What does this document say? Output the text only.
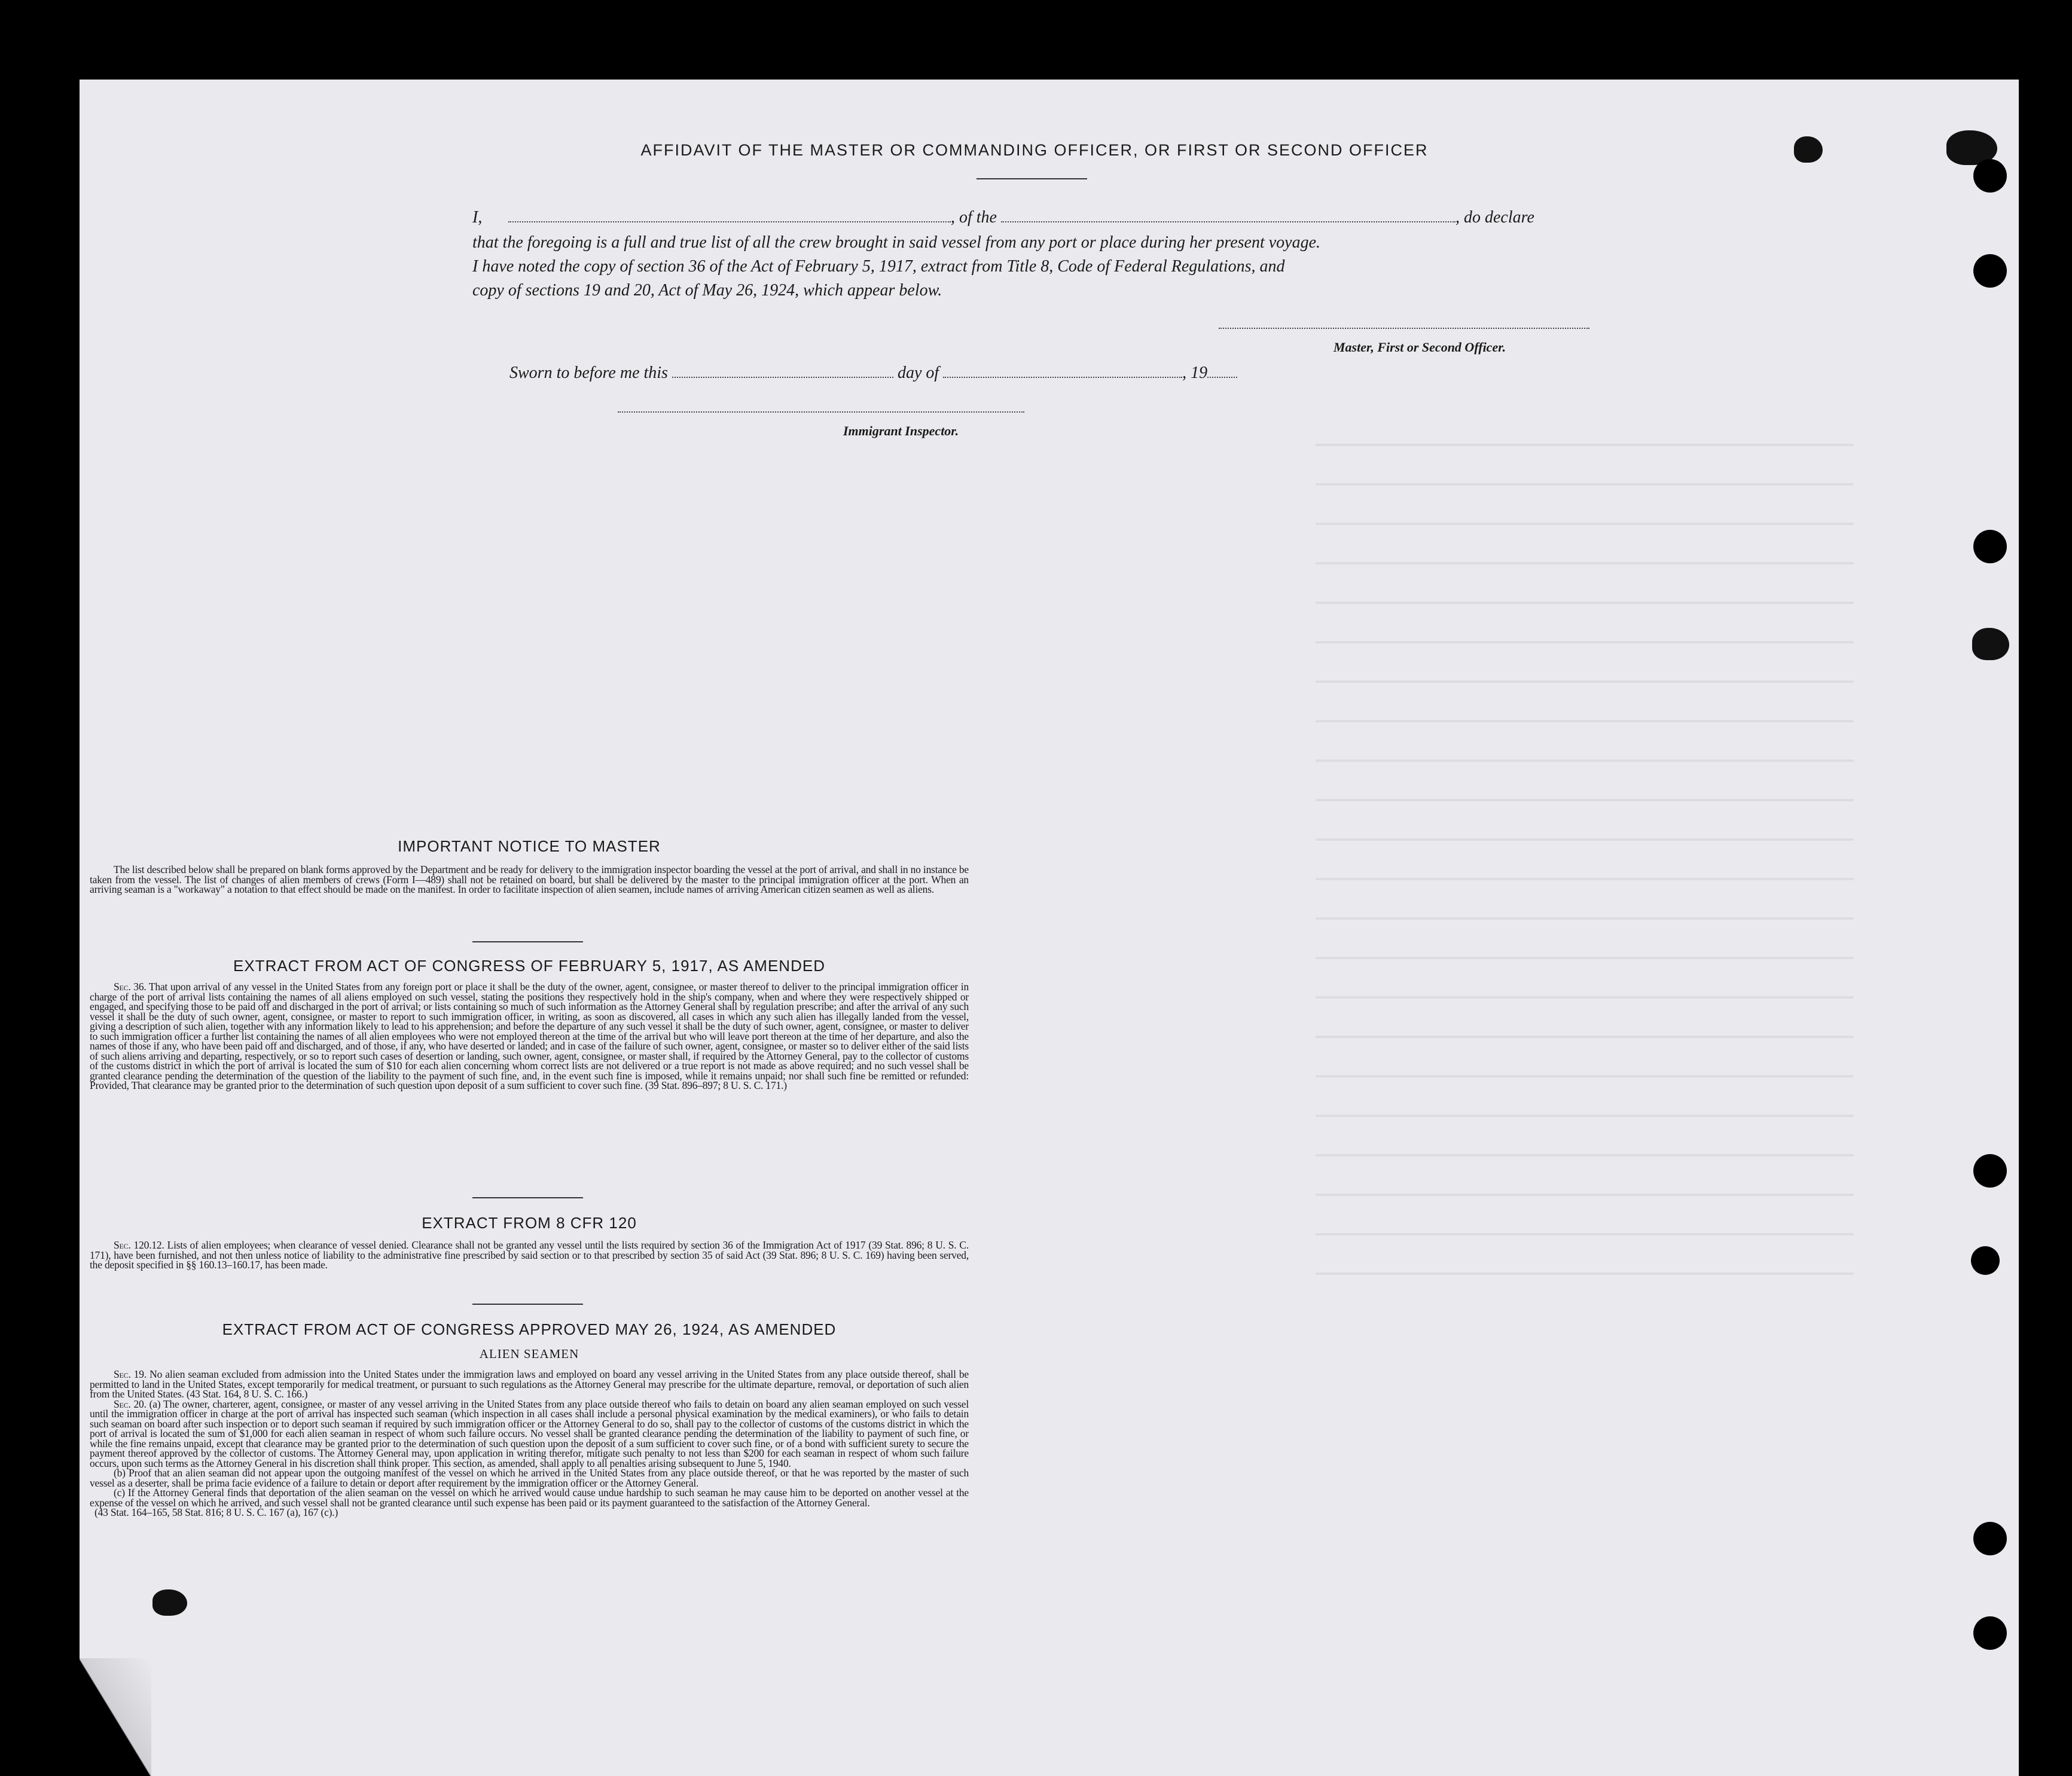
AFFIDAVIT OF THE MASTER OR COMMANDING OFFICER, OR FIRST OR SECOND OFFICER
I,	, of the	, do declare
that the foregoing is a full and true list of all the crew brought in said vessel from any port or place during her present voyage.
I have noted the copy of section 36 of the Act of February 5, 1917, extract from Title 8, Code of Federal Regulations, and
copy of sections 19 and 20, Act of May 26, 1924, which appear below.
Master, First or Second Officer.
Sworn to before me this	day of	, 19
Immigrant Inspector.
IMPORTANT NOTICE TO MASTER

The list described below shall be prepared on blank forms approved by the Department and be ready for delivery to the immigration inspector boarding the vessel at the port of arrival, and shall in no instance be taken from the vessel. The list of changes of alien members of crews (Form I—489) shall not be retained on board, but shall be delivered by the master to the principal immigration officer at the port. When an arriving seaman is a "workaway" a notation to that effect should be made on the manifest. In order to facilitate inspection of alien seamen, include names of arriving American citizen seamen as well as aliens.

EXTRACT FROM ACT OF CONGRESS OF FEBRUARY 5, 1917, AS AMENDED

Sec. 36. That upon arrival of any vessel in the United States from any foreign port or place it shall be the duty of the owner, agent, consignee, or master thereof to deliver to the principal immigration officer in charge of the port of arrival lists containing the names of all aliens employed on such vessel, stating the positions they respectively hold in the ship's company, when and where they were respectively shipped or engaged, and specifying those to be paid off and discharged in the port of arrival; or lists containing so much of such information as the Attorney General shall by regulation prescribe; and after the arrival of any such vessel it shall be the duty of such owner, agent, consignee, or master to report to such immigration officer, in writing, as soon as discovered, all cases in which any such alien has illegally landed from the vessel, giving a description of such alien, together with any information likely to lead to his apprehension; and before the departure of any such vessel it shall be the duty of such owner, agent, consignee, or master to deliver to such immigration officer a further list containing the names of all alien employees who were not employed thereon at the time of the arrival but who will leave port thereon at the time of her departure, and also the names of those if any, who have been paid off and discharged, and of those, if any, who have deserted or landed; and in case of the failure of such owner, agent, consignee, or master so to deliver either of the said lists of such aliens arriving and departing, respectively, or so to report such cases of desertion or landing, such owner, agent, consignee, or master shall, if required by the Attorney General, pay to the collector of customs of the customs district in which the port of arrival is located the sum of $10 for each alien concerning whom correct lists are not delivered or a true report is not made as above required; and no such vessel shall be granted clearance pending the determination of the question of the liability to the payment of such fine, and, in the event such fine is imposed, while it remains unpaid; nor shall such fine be remitted or refunded: Provided, That clearance may be granted prior to the determination of such question upon deposit of a sum sufficient to cover such fine. (39 Stat. 896–897; 8 U. S. C. 171.)

EXTRACT FROM 8 CFR 120

Sec. 120.12. Lists of alien employees; when clearance of vessel denied. Clearance shall not be granted any vessel until the lists required by section 36 of the Immigration Act of 1917 (39 Stat. 896; 8 U. S. C. 171), have been furnished, and not then unless notice of liability to the administrative fine prescribed by said section or to that prescribed by section 35 of said Act (39 Stat. 896; 8 U. S. C. 169) having been served, the deposit specified in §§ 160.13–160.17, has been made.

EXTRACT FROM ACT OF CONGRESS APPROVED MAY 26, 1924, AS AMENDED
ALIEN SEAMEN

Sec. 19. No alien seaman excluded from admission into the United States under the immigration laws and employed on board any vessel arriving in the United States from any place outside thereof, shall be permitted to land in the United States, except temporarily for medical treatment, or pursuant to such regulations as the Attorney General may prescribe for the ultimate departure, removal, or deportation of such alien from the United States. (43 Stat. 164, 8 U. S. C. 166.)

Sec. 20. (a) The owner, charterer, agent, consignee, or master of any vessel arriving in the United States from any place outside thereof who fails to detain on board any alien seaman employed on such vessel until the immigration officer in charge at the port of arrival has inspected such seaman (which inspection in all cases shall include a personal physical examination by the medical examiners), or who fails to detain such seaman on board after such inspection or to deport such seaman if required by such immigration officer or the Attorney General to do so, shall pay to the collector of customs of the customs district in which the port of arrival is located the sum of $1,000 for each alien seaman in respect of whom such failure occurs. No vessel shall be granted clearance pending the determination of the liability to payment of such fine, or while the fine remains unpaid, except that clearance may be granted prior to the determination of such question upon the deposit of a sum sufficient to cover such fine, or of a bond with sufficient surety to secure the payment thereof approved by the collector of customs. The Attorney General may, upon application in writing therefor, mitigate such penalty to not less than $200 for each seaman in respect of whom such failure occurs, upon such terms as the Attorney General in his discretion shall think proper. This section, as amended, shall apply to all penalties arising subsequent to June 5, 1940.

(b) Proof that an alien seaman did not appear upon the outgoing manifest of the vessel on which he arrived in the United States from any place outside thereof, or that he was reported by the master of such vessel as a deserter, shall be prima facie evidence of a failure to detain or deport after requirement by the immigration officer or the Attorney General.

(c) If the Attorney General finds that deportation of the alien seaman on the vessel on which he arrived would cause undue hardship to such seaman he may cause him to be deported on another vessel at the expense of the vessel on which he arrived, and such vessel shall not be granted clearance until such expense has been paid or its payment guaranteed to the satisfaction of the Attorney General.

(43 Stat. 164–165, 58 Stat. 816; 8 U. S. C. 167 (a), 167 (c).)
